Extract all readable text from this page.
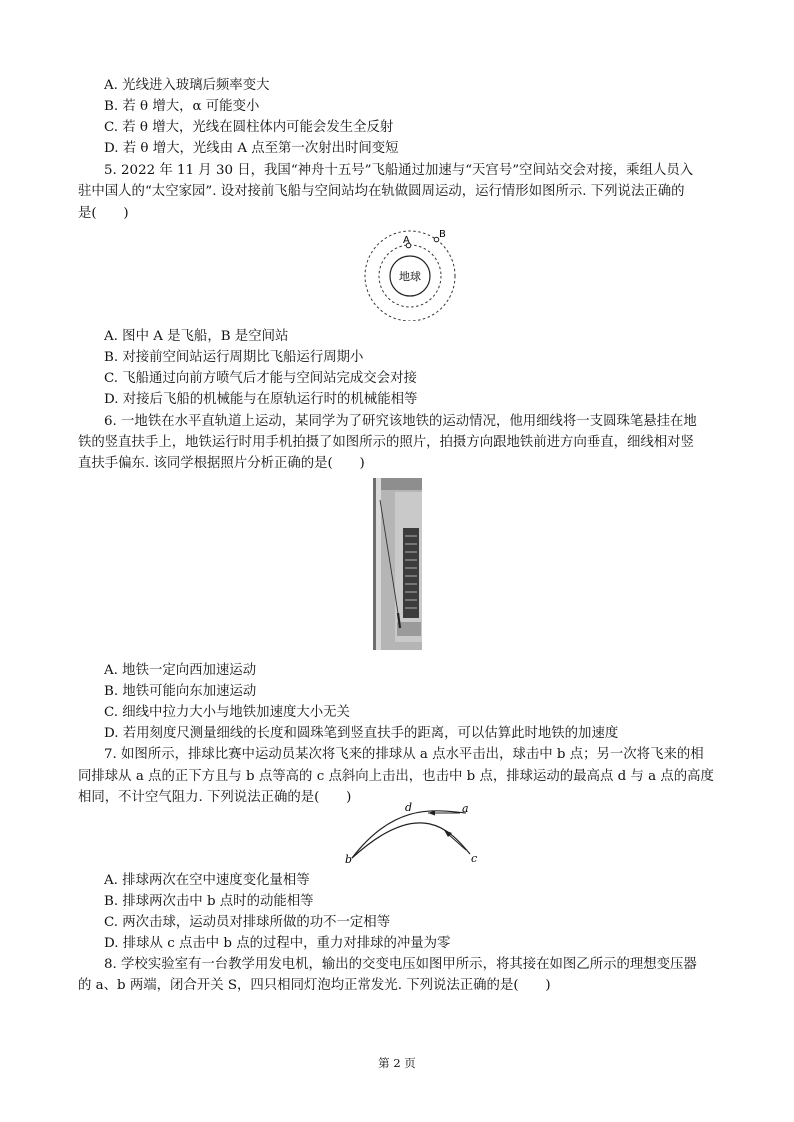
A. 光线进入玻璃后频率变大
B. 若 θ 增大，α 可能变小
C. 若 θ 增大，光线在圆柱体内可能会发生全反射
D. 若 θ 增大，光线由 A 点至第一次射出时间变短
5. 2022 年 11 月 30 日，我国“神舟十五号”飞船通过加速与“天宫号”空间站交会对接，乘组人员入
驻中国人的“太空家园”. 设对接前飞船与空间站均在轨做圆周运动，运行情形如图所示. 下列说法正确的
是(　　)
地球
A
B
A. 图中 A 是飞船，B 是空间站
B. 对接前空间站运行周期比飞船运行周期小
C. 飞船通过向前方喷气后才能与空间站完成交会对接
D. 对接后飞船的机械能与在原轨运行时的机械能相等
6. 一地铁在水平直轨道上运动，某同学为了研究该地铁的运动情况，他用细线将一支圆珠笔悬挂在地
铁的竖直扶手上，地铁运行时用手机拍摄了如图所示的照片，拍摄方向跟地铁前进方向垂直，细线相对竖
直扶手偏东. 该同学根据照片分析正确的是(　　)
A. 地铁一定向西加速运动
B. 地铁可能向东加速运动
C. 细线中拉力大小与地铁加速度大小无关
D. 若用刻度尺测量细线的长度和圆珠笔到竖直扶手的距离，可以估算此时地铁的加速度
7. 如图所示，排球比赛中运动员某次将飞来的排球从 a 点水平击出，球击中 b 点；另一次将飞来的相
同排球从 a 点的正下方且与 b 点等高的 c 点斜向上击出，也击中 b 点，排球运动的最高点 d 与 a 点的高度
相同，不计空气阻力. 下列说法正确的是(　　)
a
b	c
d
A. 排球两次在空中速度变化量相等
B. 排球两次击中 b 点时的动能相等
C. 两次击球，运动员对排球所做的功不一定相等
D. 排球从 c 点击中 b 点的过程中，重力对排球的冲量为零
8. 学校实验室有一台教学用发电机，输出的交变电压如图甲所示，将其接在如图乙所示的理想变压器
的 a、b 两端，闭合开关 S，四只相同灯泡均正常发光. 下列说法正确的是(　　)
第 2 页
